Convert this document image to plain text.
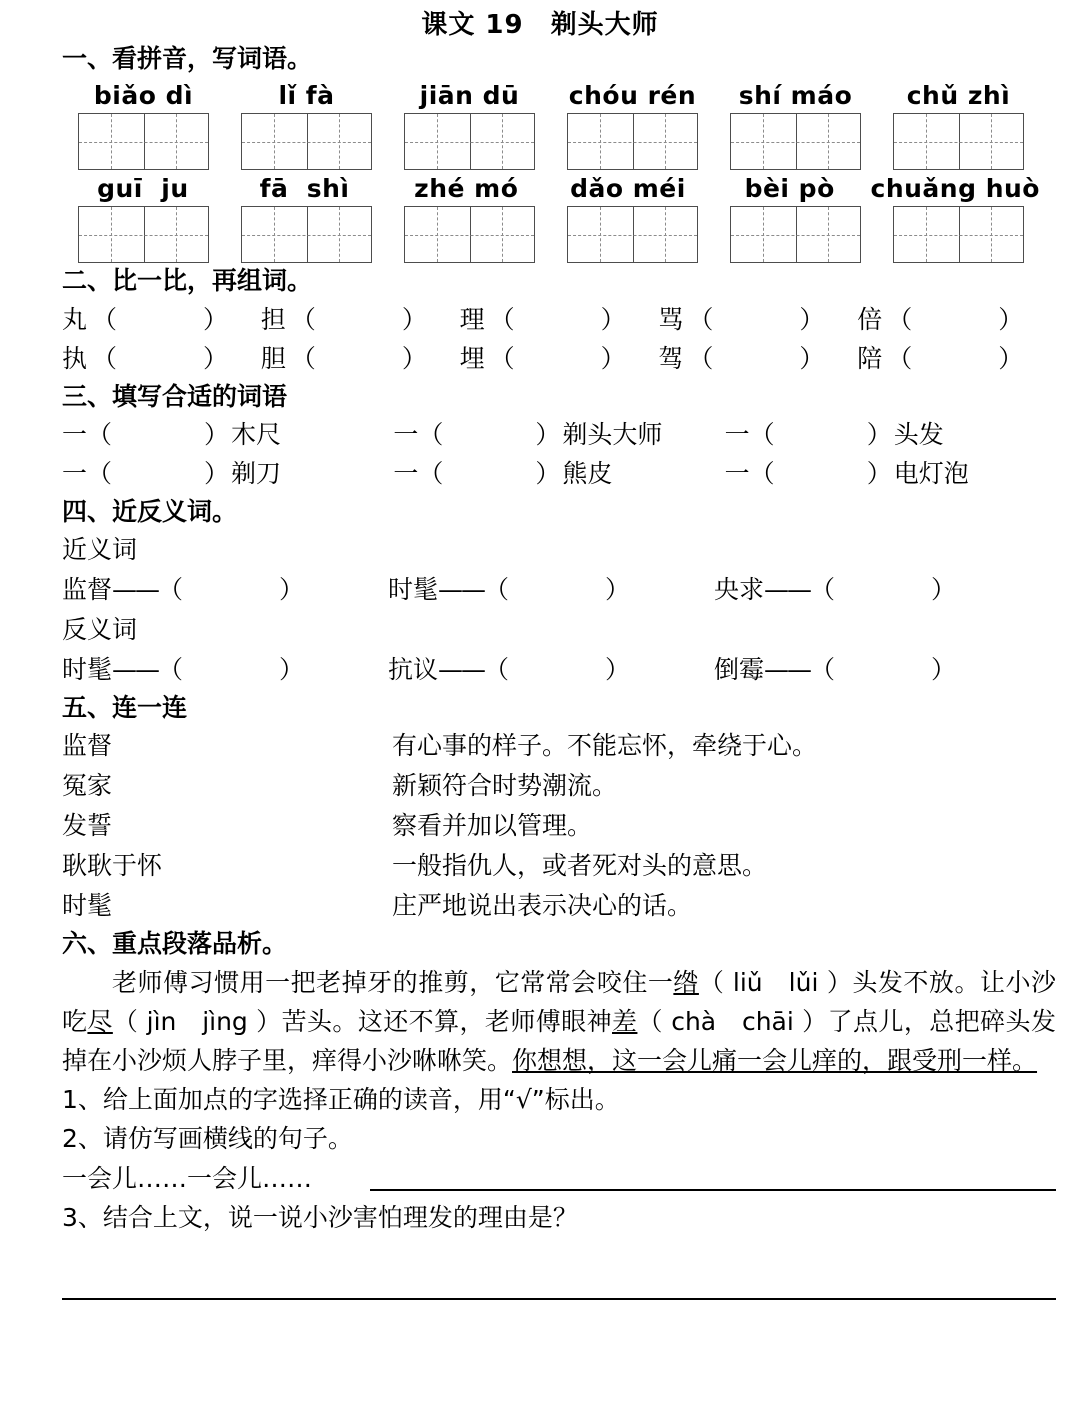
课文 19　剃头大师
一、看拼音，写词语。
biǎo dì	lǐ fà	jiān dū	chóu rén	shí máo	chǔ zhì
guī  ju	fā  shì	zhé mó	dǎo méi	bèi pò	chuǎng huò
二、比一比，再组词。
丸 （	） 担 （	） 理 （	） 骂 （	） 倍 （	）
执 （	） 胆 （	） 埋 （	） 驾 （	） 陪 （	）
三、填写合适的词语
一 （	） 木尺	一 （	） 剃头大师 一 （	） 头发
一 （	） 剃刀	一 （	） 熊皮	一 （	） 电灯泡
四、近反义词。
近义词
监督 —— （	）	时髦 —— （	）	央求 —— （	）
反义词
时髦 —— （	）	抗议 —— （	）	倒霉 —— （	）
五、连一连
监督	有心事的样子。不能忘怀，牵绕于心。
冤家	新颖符合时势潮流。
发誓	察看并加以管理。
耿耿于怀	一般指仇人，或者死对头的意思。
时髦	庄严地说出表示决心的话。
六、重点段落品析。
老师傅习惯用一把老掉牙的推剪，它常常会咬住一绺（ liǔ　lǔi ）头发不放。让小沙吃尽（ jìn　jìng ）苦头。这还不算，老师傅眼神差（ chà　chāi ）了点儿，总把碎头发掉在小沙烦人脖子里，痒得小沙咻咻笑。你想想，这一会儿痛一会儿痒的，跟受刑一样。
1、给上面加点的字选择正确的读音，用“√”标出。
2、请仿写画横线的句子。
一会儿……一会儿……
3、结合上文，说一说小沙害怕理发的理由是？
